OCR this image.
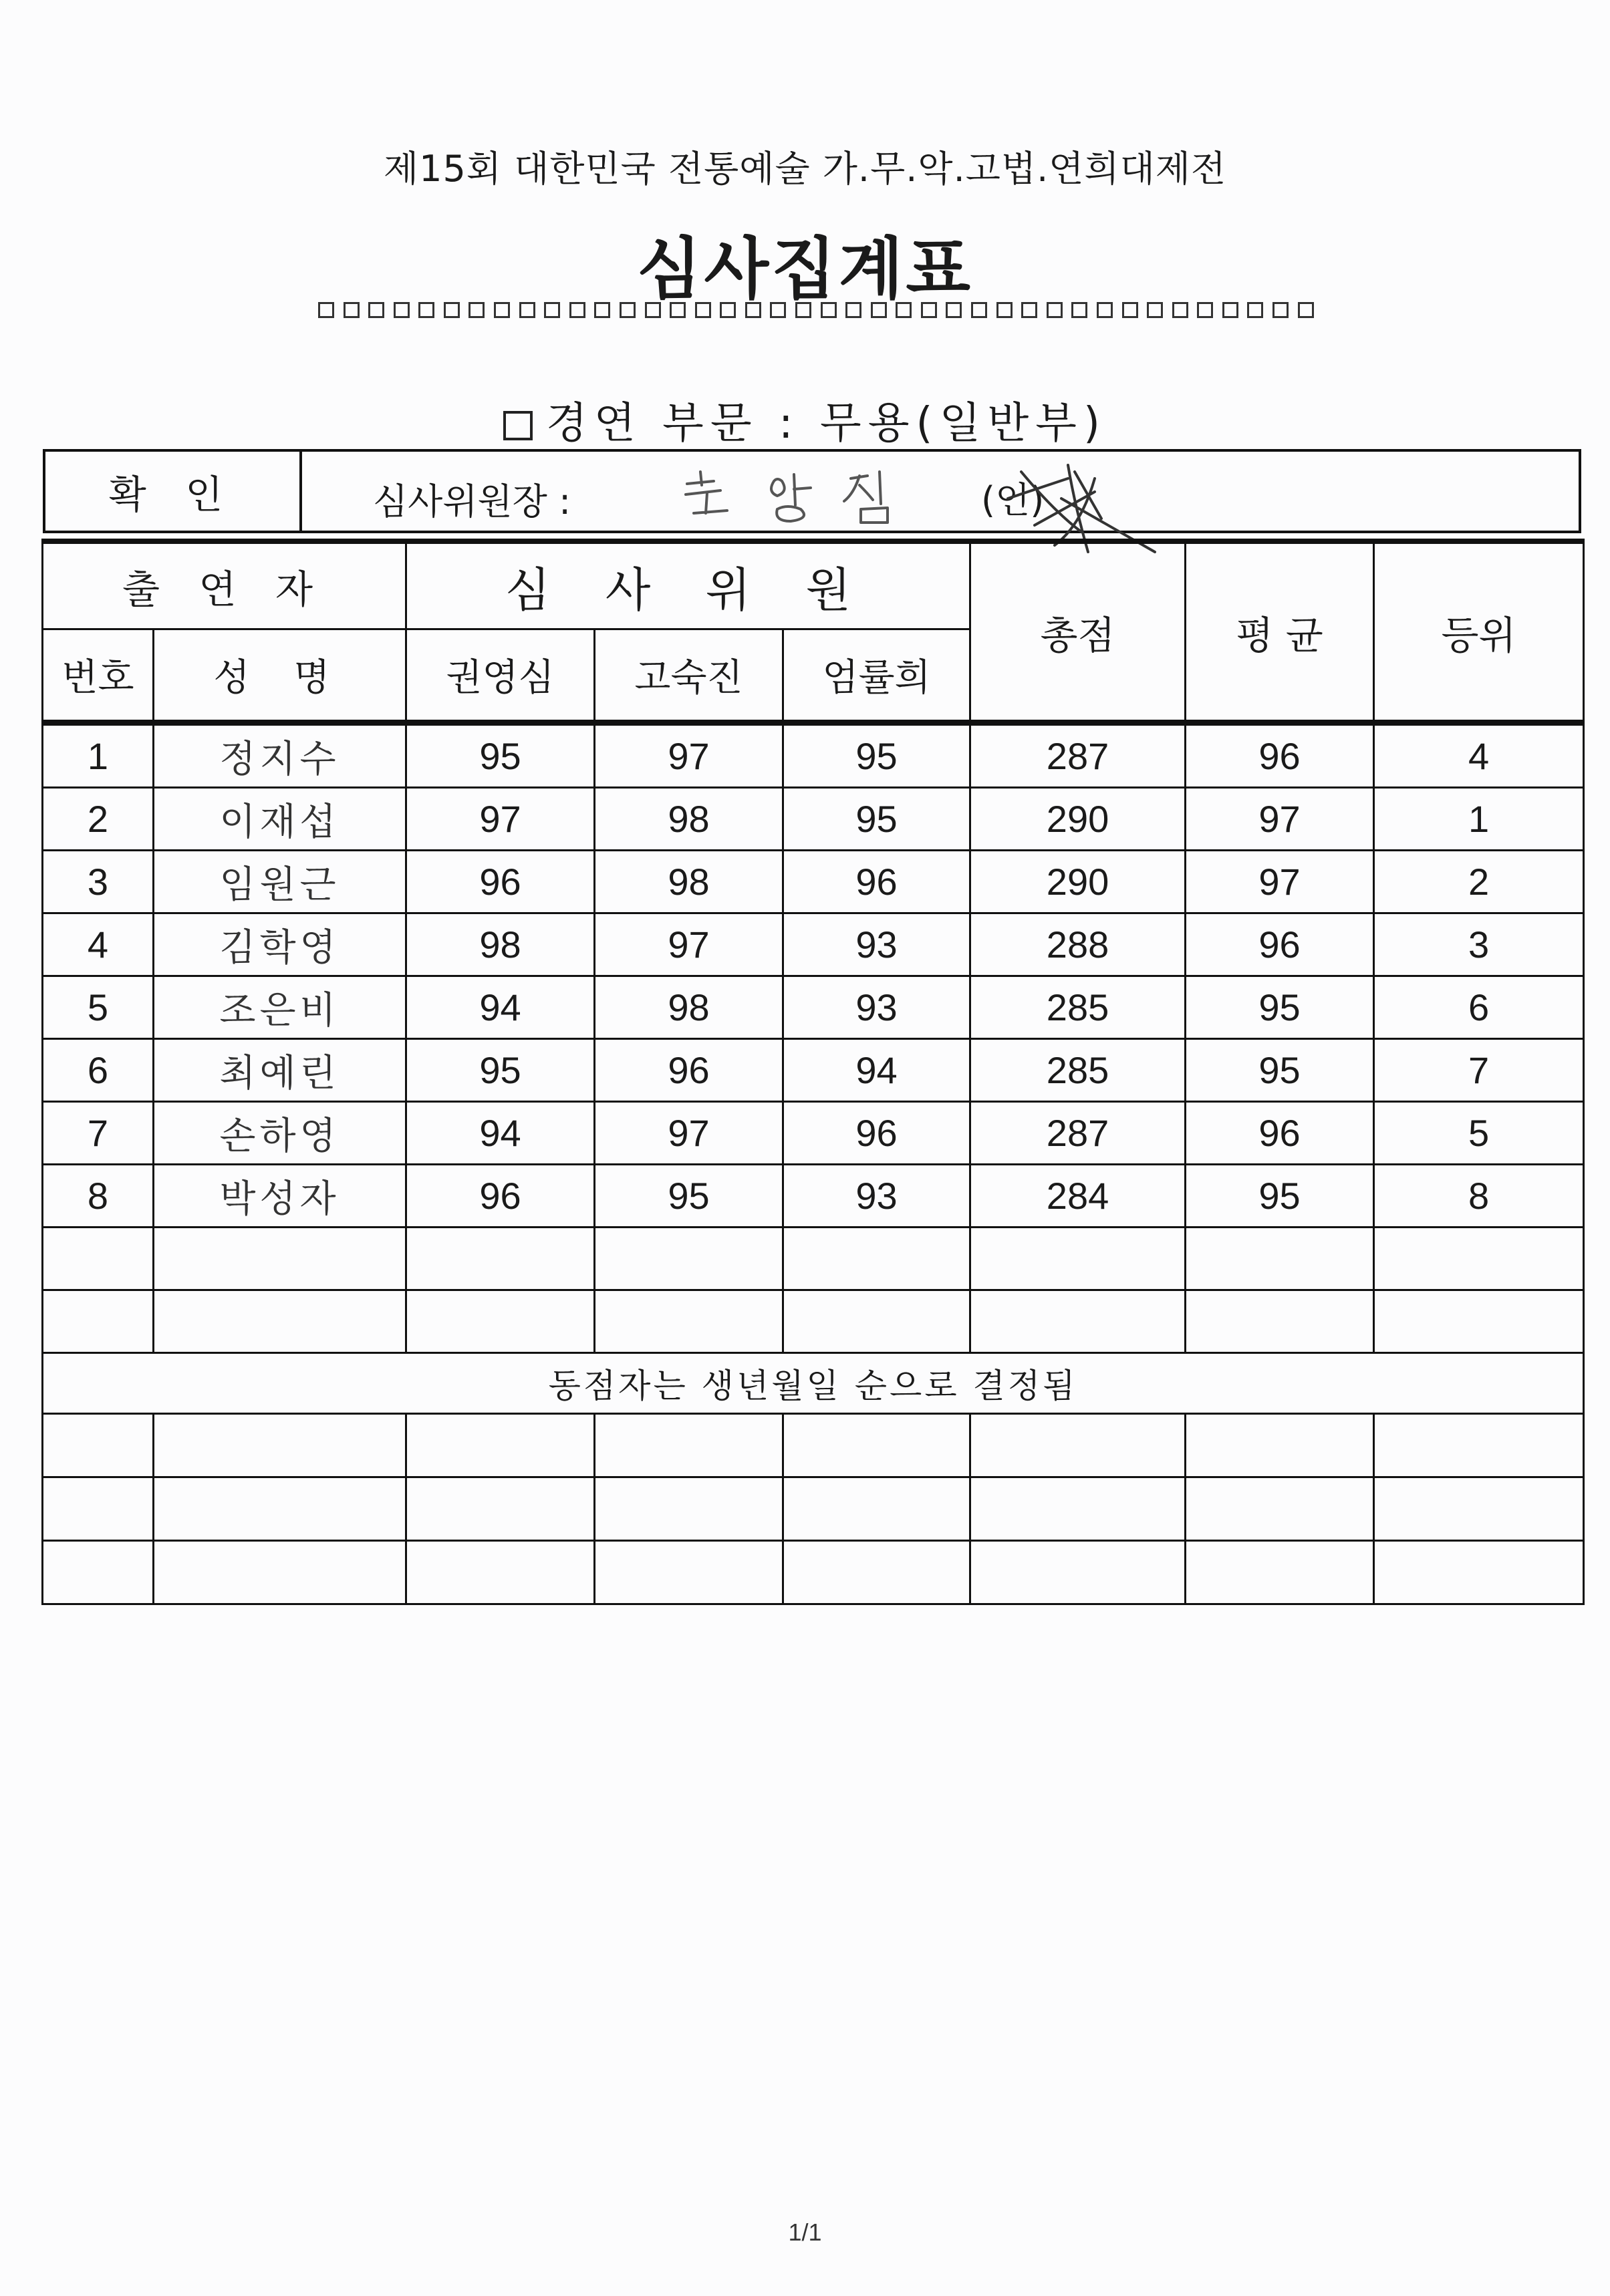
제15회 대한민국 전통예술 가.무.악.고법.연희대제전
심사집계표
경연 부문 : 무용(일반부)
확 인	심사위원장 :	(인)
출 연 자		심 사 위 원			총점	평 균	등위
번호	성 명	권영심	고숙진	엄률희			
1	정지수	95	97	95	287	96	4
2	이재섭	97	98	95	290	97	1
3	임원근	96	98	96	290	97	2
4	김학영	98	97	93	288	96	3
5	조은비	94	98	93	285	95	6
6	최예린	95	96	94	285	95	7
7	손하영	94	97	96	287	96	5
8	박성자	96	95	93	284	95	8

동점자는 생년월일 순으로 결정됨							

1/1
